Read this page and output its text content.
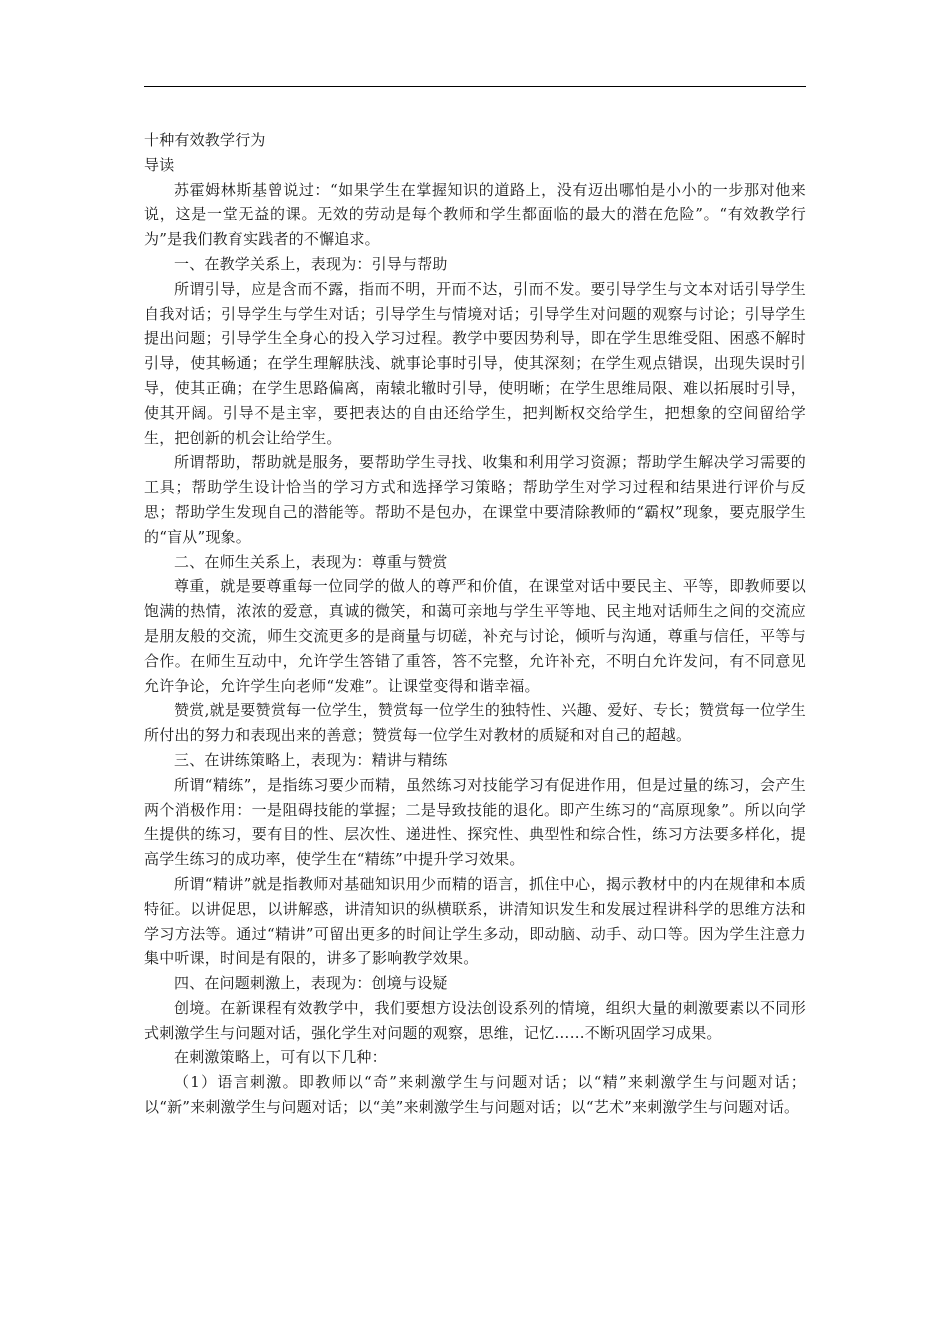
十种有效教学行为

导读

苏霍姆林斯基曾说过：“如果学生在掌握知识的道路上，没有迈出哪怕是小小的一步那对他来说，这是一堂无益的课。无效的劳动是每个教师和学生都面临的最大的潜在危险”。“有效教学行为”是我们教育实践者的不懈追求。

一、在教学关系上，表现为：引导与帮助

所谓引导，应是含而不露，指而不明，开而不达，引而不发。要引导学生与文本对话引导学生自我对话；引导学生与学生对话；引导学生与情境对话；引导学生对问题的观察与讨论；引导学生提出问题；引导学生全身心的投入学习过程。教学中要因势利导，即在学生思维受阻、困惑不解时引导，使其畅通；在学生理解肤浅、就事论事时引导，使其深刻；在学生观点错误，出现失误时引导，使其正确；在学生思路偏离，南辕北辙时引导，使明晰；在学生思维局限、难以拓展时引导，使其开阔。引导不是主宰，要把表达的自由还给学生，把判断权交给学生，把想象的空间留给学生，把创新的机会让给学生。

所谓帮助，帮助就是服务，要帮助学生寻找、收集和利用学习资源；帮助学生解决学习需要的工具；帮助学生设计恰当的学习方式和选择学习策略；帮助学生对学习过程和结果进行评价与反思；帮助学生发现自己的潜能等。帮助不是包办，在课堂中要清除教师的“霸权”现象，要克服学生的“盲从”现象。

二、在师生关系上，表现为：尊重与赞赏

尊重，就是要尊重每一位同学的做人的尊严和价值，在课堂对话中要民主、平等，即教师要以饱满的热情，浓浓的爱意，真诚的微笑，和蔼可亲地与学生平等地、民主地对话师生之间的交流应是朋友般的交流，师生交流更多的是商量与切磋，补充与讨论，倾听与沟通，尊重与信任，平等与合作。在师生互动中，允许学生答错了重答，答不完整，允许补充，不明白允许发问，有不同意见允许争论，允许学生向老师“发难”。让课堂变得和谐幸福。

赞赏,就是要赞赏每一位学生，赞赏每一位学生的独特性、兴趣、爱好、专长；赞赏每一位学生所付出的努力和表现出来的善意；赞赏每一位学生对教材的质疑和对自己的超越。

三、在讲练策略上，表现为：精讲与精练

所谓“精练”，是指练习要少而精，虽然练习对技能学习有促进作用，但是过量的练习，会产生两个消极作用：一是阻碍技能的掌握；二是导致技能的退化。即产生练习的“高原现象”。所以向学生提供的练习，要有目的性、层次性、递进性、探究性、典型性和综合性，练习方法要多样化，提高学生练习的成功率，使学生在“精练”中提升学习效果。

所谓“精讲”就是指教师对基础知识用少而精的语言，抓住中心，揭示教材中的内在规律和本质特征。以讲促思，以讲解惑，讲清知识的纵横联系，讲清知识发生和发展过程讲科学的思维方法和学习方法等。通过“精讲”可留出更多的时间让学生多动，即动脑、动手、动口等。因为学生注意力集中听课，时间是有限的，讲多了影响教学效果。

四、在问题刺激上，表现为：创境与设疑

创境。在新课程有效教学中，我们要想方设法创设系列的情境，组织大量的刺激要素以不同形式刺激学生与问题对话，强化学生对问题的观察，思维，记忆……不断巩固学习成果。

在刺激策略上，可有以下几种：

（1）语言刺激。即教师以“奇”来刺激学生与问题对话；以“精”来刺激学生与问题对话；以“新”来刺激学生与问题对话；以“美”来刺激学生与问题对话；以“艺术”来刺激学生与问题对话。
